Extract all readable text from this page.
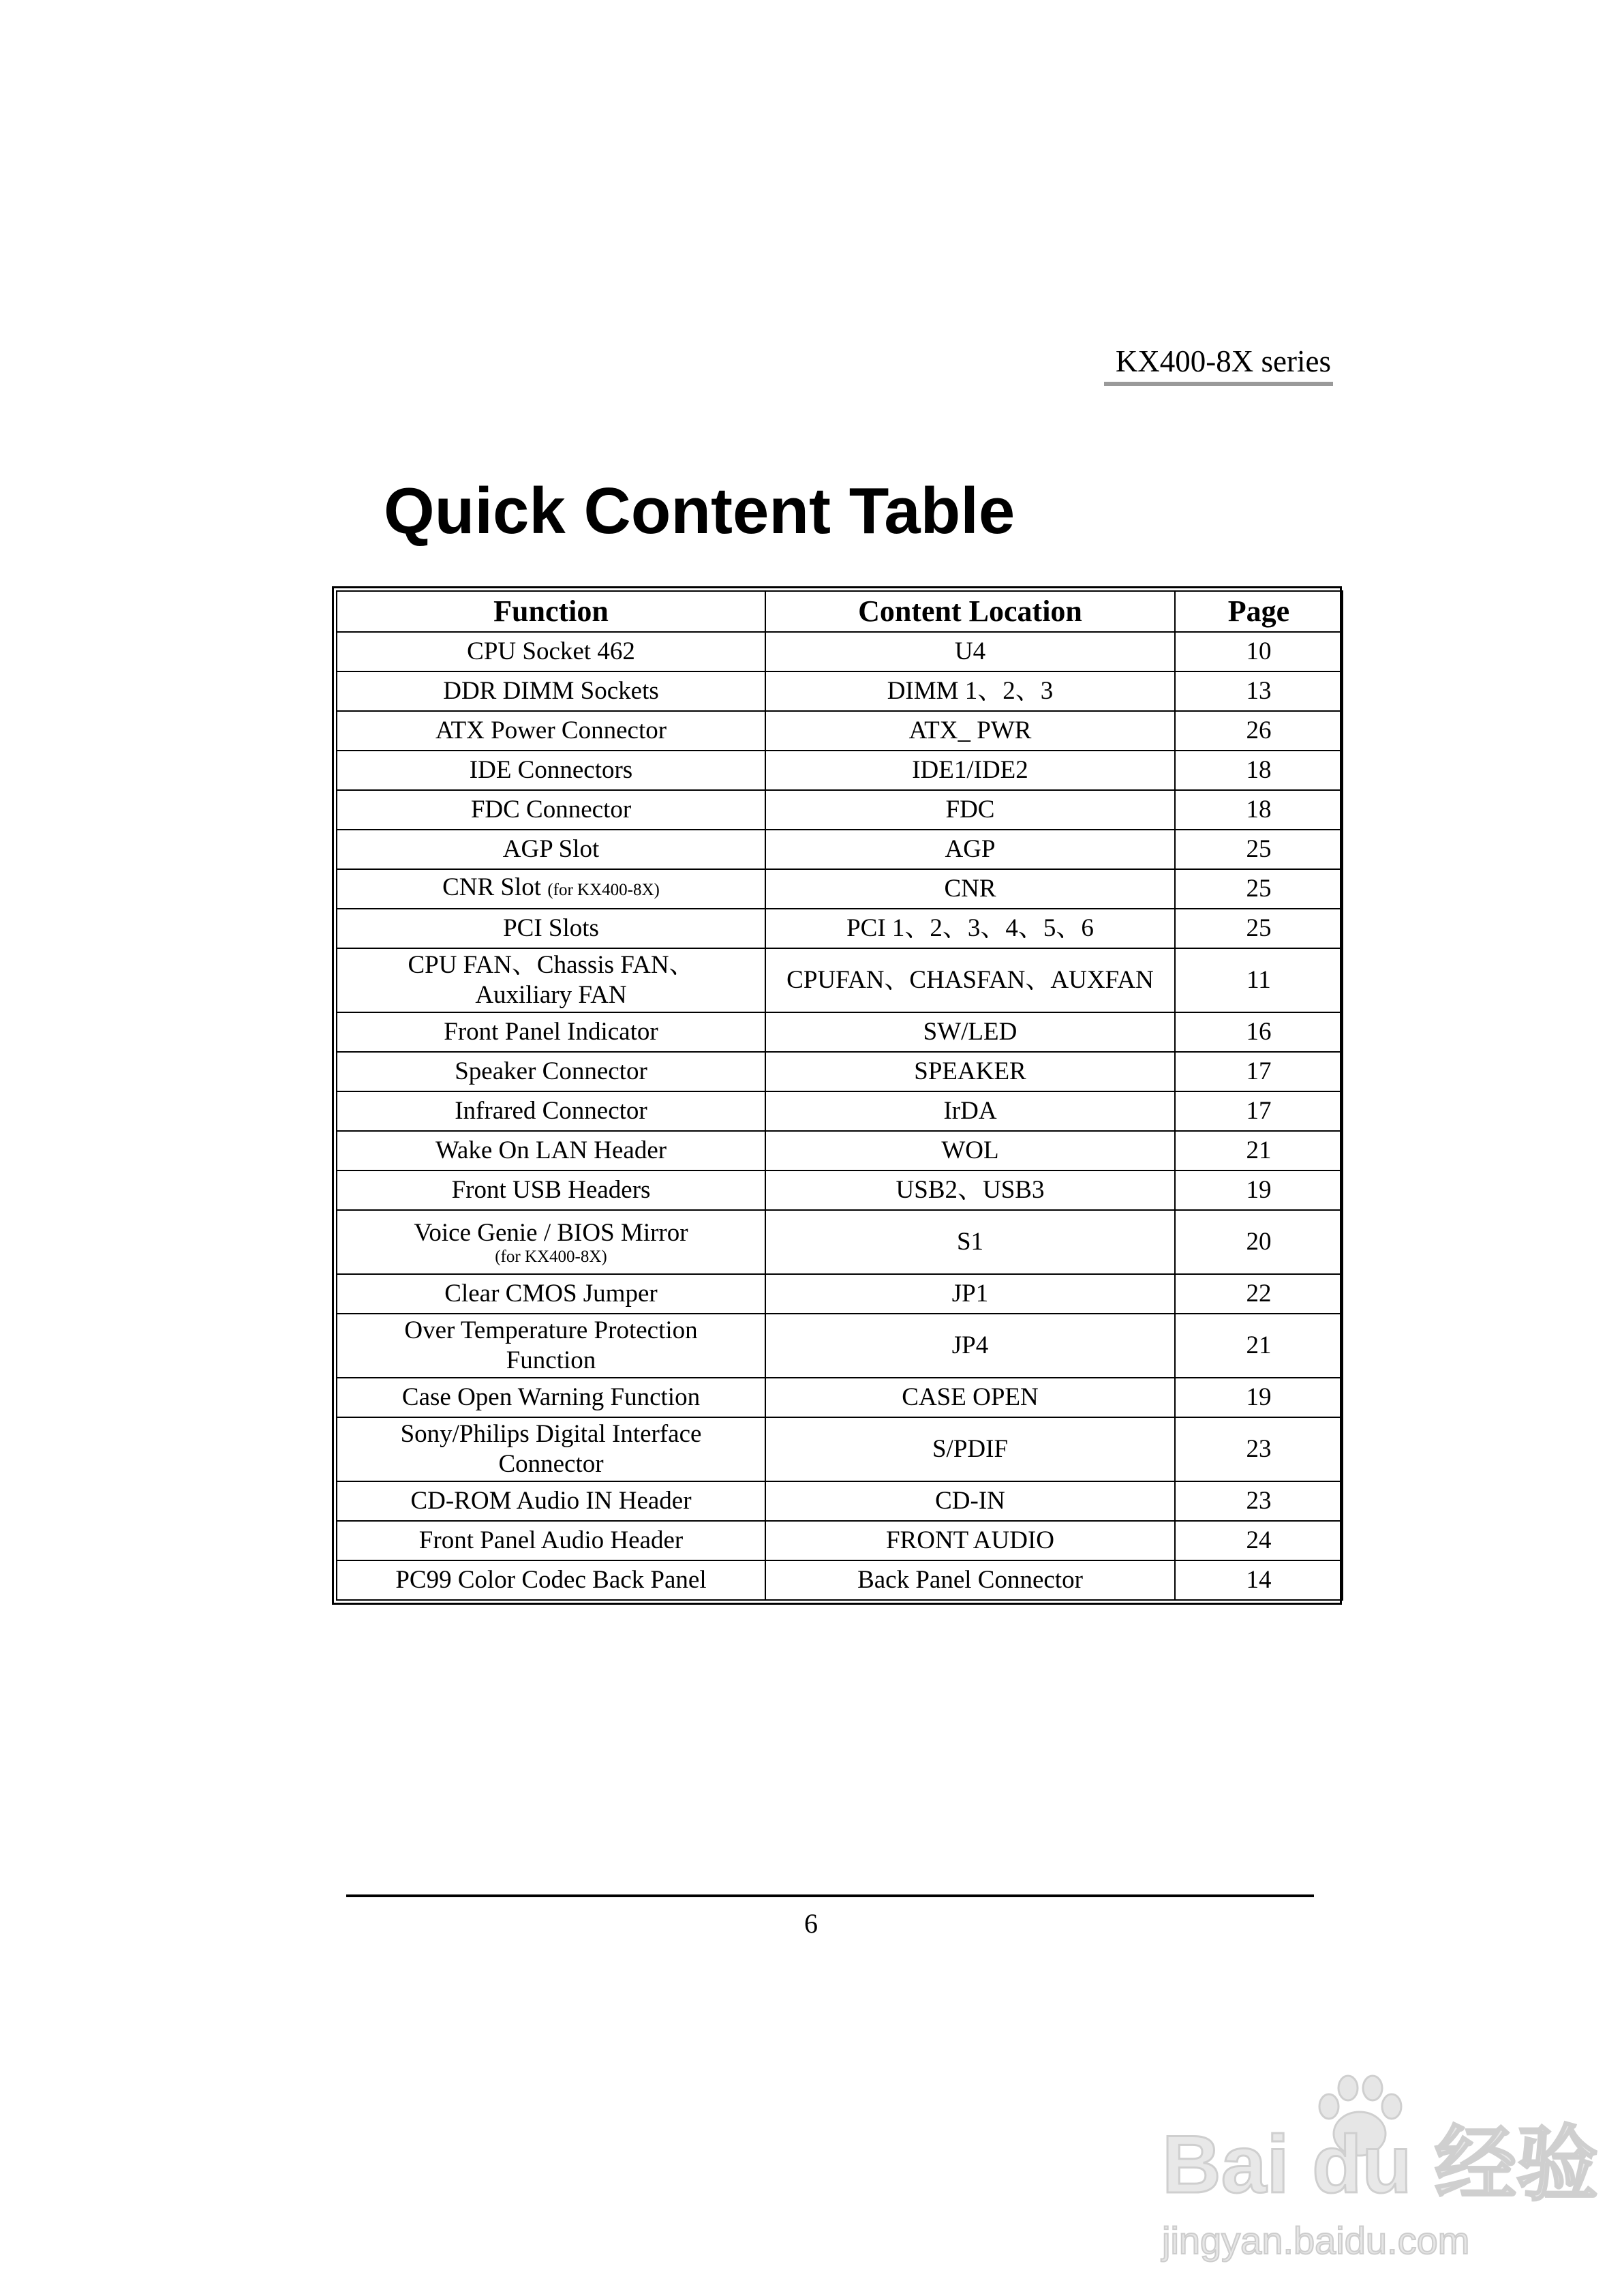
KX400-8X series
Quick Content Table
Function	Content Location	Page
CPU Socket 462	U4	10
DDR DIMM Sockets	DIMM 1、2、3	13
ATX Power Connector	ATX_ PWR	26
IDE Connectors	IDE1/IDE2	18
FDC Connector	FDC	18
AGP Slot	AGP	25
CNR Slot (for KX400-8X)	CNR	25
PCI Slots	PCI 1、2、3、4、5、6	25
CPU FAN、Chassis FAN、
Auxiliary FAN	CPUFAN、CHASFAN、AUXFAN	11
Front Panel Indicator	SW/LED	16
Speaker Connector	SPEAKER	17
Infrared Connector	IrDA	17
Wake On LAN Header	WOL	21
Front USB Headers	USB2、USB3	19
Voice Genie / BIOS Mirror
(for KX400-8X)	S1	20
Clear CMOS Jumper	JP1	22
Over Temperature Protection
Function	JP4	21
Case Open Warning Function	CASE OPEN	19
Sony/Philips Digital Interface
Connector	S/PDIF	23
CD-ROM Audio IN Header	CD-IN	23
Front Panel Audio Header	FRONT AUDIO	24
PC99 Color Codec Back Panel	Back Panel Connector	14
6
Bai du 经验
jingyan.baidu.com
